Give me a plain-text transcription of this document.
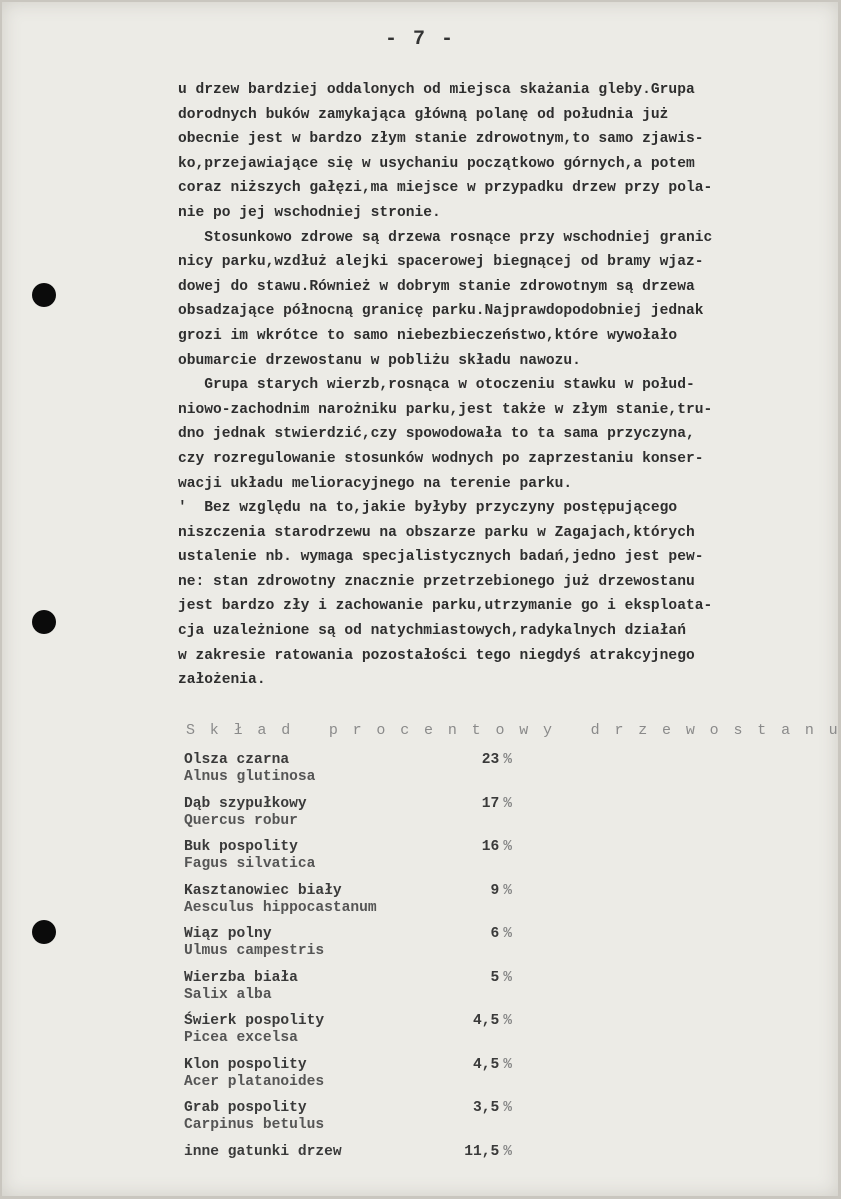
- 7 -
u drzew bardziej oddalonych od miejsca skażania gleby.Grupa
dorodnych buków zamykająca główną polanę od południa już
obecnie jest w bardzo złym stanie zdrowotnym,to samo zjawis-
ko,przejawiające się w usychaniu początkowo górnych,a potem
coraz niższych gałęzi,ma miejsce w przypadku drzew przy pola-
nie po jej wschodniej stronie.
Stosunkowo zdrowe są drzewa rosnące przy wschodniej granic
nicy parku,wzdłuż alejki spacerowej biegnącej od bramy wjaz-
dowej do stawu.Również w dobrym stanie zdrowotnym są drzewa
obsadzające północną granicę parku.Najprawdopodobniej jednak
grozi im wkrótce to samo niebezbieczeństwo,które wywołało
obumarcie drzewostanu w pobliżu składu nawozu.
Grupa starych wierzb,rosnąca w otoczeniu stawku w połud-
niowo-zachodnim narożniku parku,jest także w złym stanie,tru-
dno jednak stwierdzić,czy spowodowała to ta sama przyczyna,
czy rozregulowanie stosunków wodnych po zaprzestaniu konser-
wacji układu melioracyjnego na terenie parku.
'  Bez względu na to,jakie byłyby przyczyny postępującego
niszczenia starodrzewu na obszarze parku w Zagajach,których
ustalenie nb. wymaga specjalistycznych badań,jedno jest pew-
ne: stan zdrowotny znacznie przetrzebionego już drzewostanu
jest bardzo zły i zachowanie parku,utrzymanie go i eksploata-
cja uzależnione są od natychmiastowych,radykalnych działań
w zakresie ratowania pozostałości tego niegdyś atrakcyjnego
założenia.
S k ł a d   p r o c e n t o w y   d r z e w o s t a n u
Olsza czarna
Alnus glutinosa
23 %
Dąb szypułkowy
Quercus robur
17 %
Buk pospolity
Fagus silvatica
16 %
Kasztanowiec biały
Aesculus hippocastanum
9 %
Wiąz polny
Ulmus campestris
6 %
Wierzba biała
Salix alba
5 %
Świerk pospolity
Picea excelsa
4,5 %
Klon pospolity
Acer platanoides
4,5 %
Grab pospolity
Carpinus betulus
3,5 %
inne gatunki drzew	11,5 %
